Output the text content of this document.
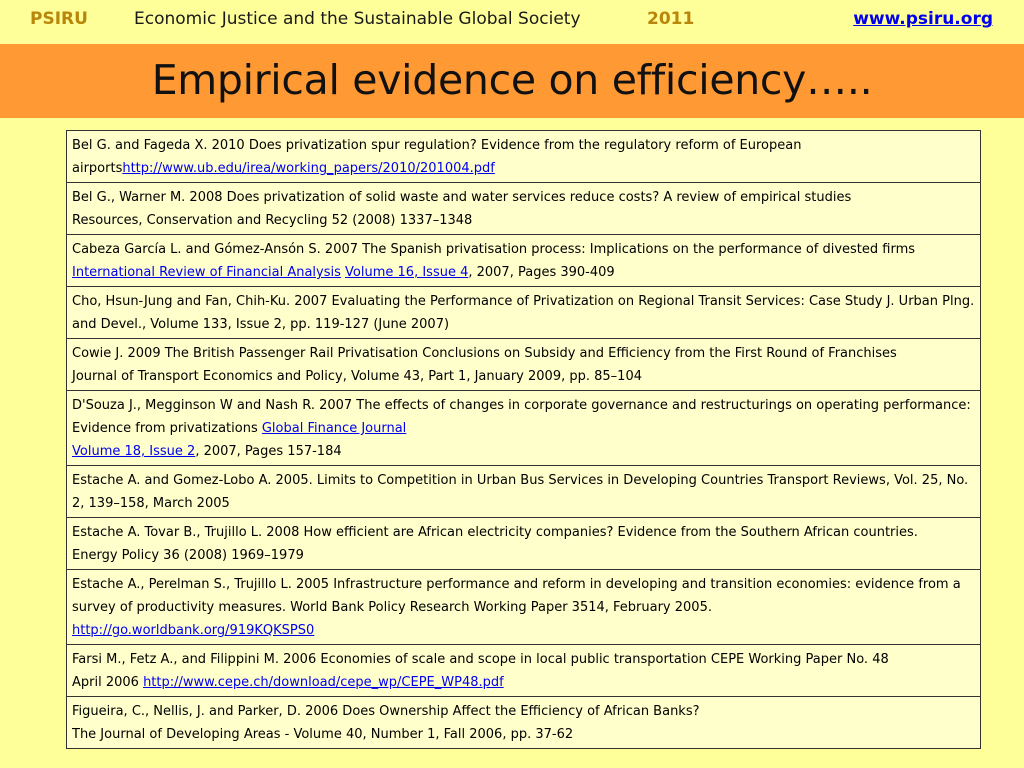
PSIRU	Economic Justice and the Sustainable Global Society	2011	www.psiru.org
Empirical evidence on efficiency…..
Bel G. and Fageda X. 2010 Does privatization spur regulation? Evidence from the regulatory reform of European airportshttp://www.ub.edu/irea/working_papers/2010/201004.pdf
Bel G., Warner M. 2008 Does privatization of solid waste and water services reduce costs? A review of empirical studies
Resources, Conservation and Recycling 52 (2008) 1337–1348
Cabeza García L. and Gómez-Ansón S. 2007 The Spanish privatisation process: Implications on the performance of divested firms
International Review of Financial Analysis Volume 16, Issue 4, 2007, Pages 390-409
Cho, Hsun-Jung and Fan, Chih-Ku. 2007 Evaluating the Performance of Privatization on Regional Transit Services: Case Study J. Urban Plng. and Devel., Volume 133, Issue 2, pp. 119-127 (June 2007)
Cowie J. 2009 The British Passenger Rail Privatisation Conclusions on Subsidy and Efficiency from the First Round of Franchises
Journal of Transport Economics and Policy, Volume 43, Part 1, January 2009, pp. 85–104
D'Souza J., Megginson W and Nash R. 2007 The effects of changes in corporate governance and restructurings on operating performance: Evidence from privatizations Global Finance Journal
Volume 18, Issue 2, 2007, Pages 157-184
Estache A. and Gomez-Lobo A. 2005. Limits to Competition in Urban Bus Services in Developing Countries Transport Reviews, Vol. 25, No. 2, 139–158, March 2005
Estache A. Tovar B., Trujillo L. 2008 How efficient are African electricity companies? Evidence from the Southern African countries.
Energy Policy 36 (2008) 1969–1979
Estache A., Perelman S., Trujillo L. 2005 Infrastructure performance and reform in developing and transition economies: evidence from a survey of productivity measures. World Bank Policy Research Working Paper 3514, February 2005.
http://go.worldbank.org/919KQKSPS0
Farsi M., Fetz A., and Filippini M. 2006 Economies of scale and scope in local public transportation CEPE Working Paper No. 48
April 2006 http://www.cepe.ch/download/cepe_wp/CEPE_WP48.pdf
Figueira, C., Nellis, J. and Parker, D. 2006 Does Ownership Affect the Efficiency of African Banks?
The Journal of Developing Areas - Volume 40, Number 1, Fall 2006, pp. 37-62
